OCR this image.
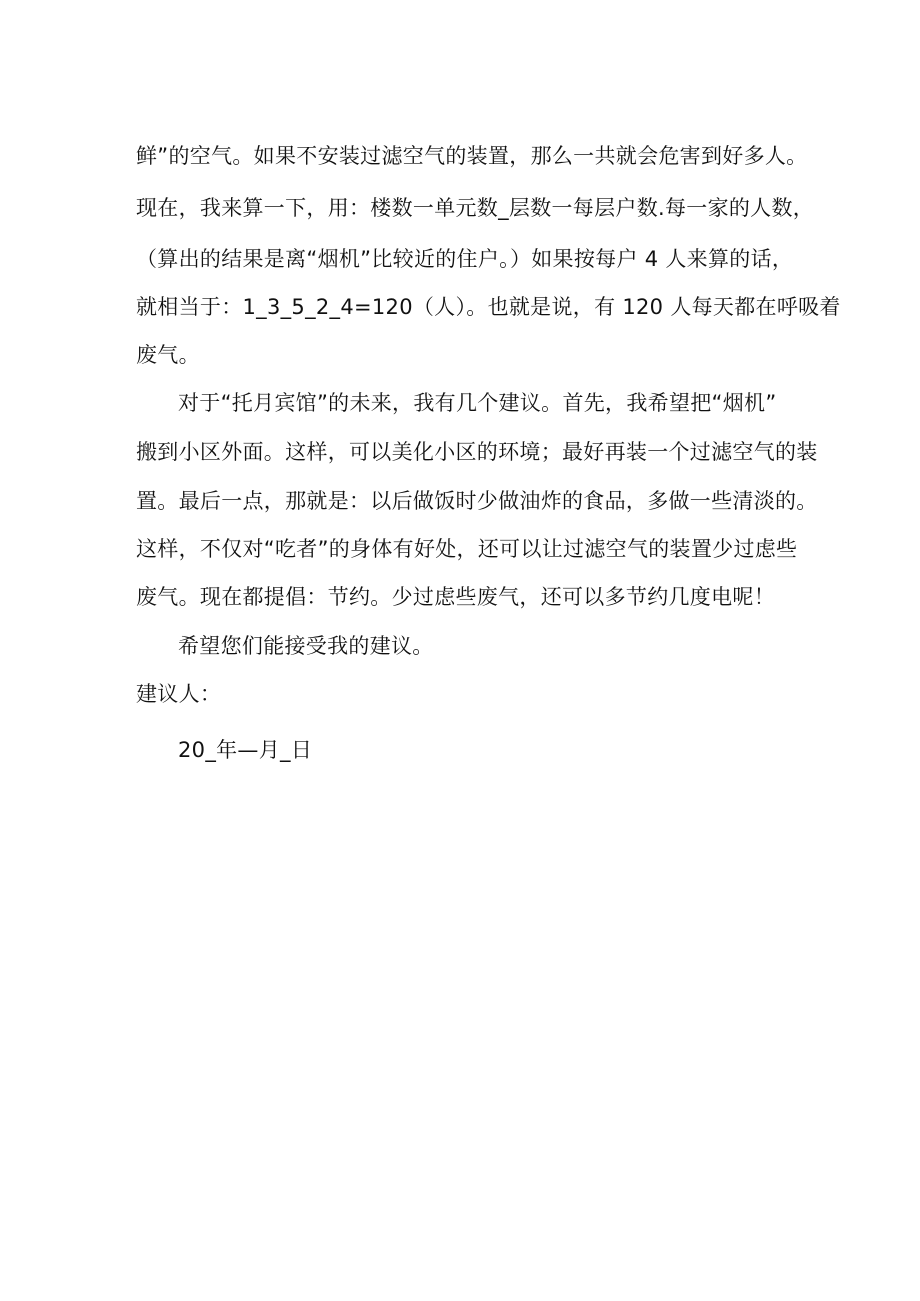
鲜”的空气。如果不安装过滤空气的装置，那么一共就会危害到好多人。
现在，我来算一下，用：楼数一单元数_层数一每层户数.每一家的人数，
（算出的结果是离“烟机”比较近的住户。）如果按每户 4 人来算的话，
就相当于：1_3_5_2_4=120（人）。也就是说，有 120 人每天都在呼吸着
废气。
对于“托月宾馆”的未来，我有几个建议。首先，我希望把“烟机”
搬到小区外面。这样，可以美化小区的环境；最好再装一个过滤空气的装
置。最后一点，那就是：以后做饭时少做油炸的食品，多做一些清淡的。
这样，不仅对“吃者”的身体有好处，还可以让过滤空气的装置少过虑些
废气。现在都提倡：节约。少过虑些废气，还可以多节约几度电呢！
希望您们能接受我的建议。
建议人：
20_年—月_日
